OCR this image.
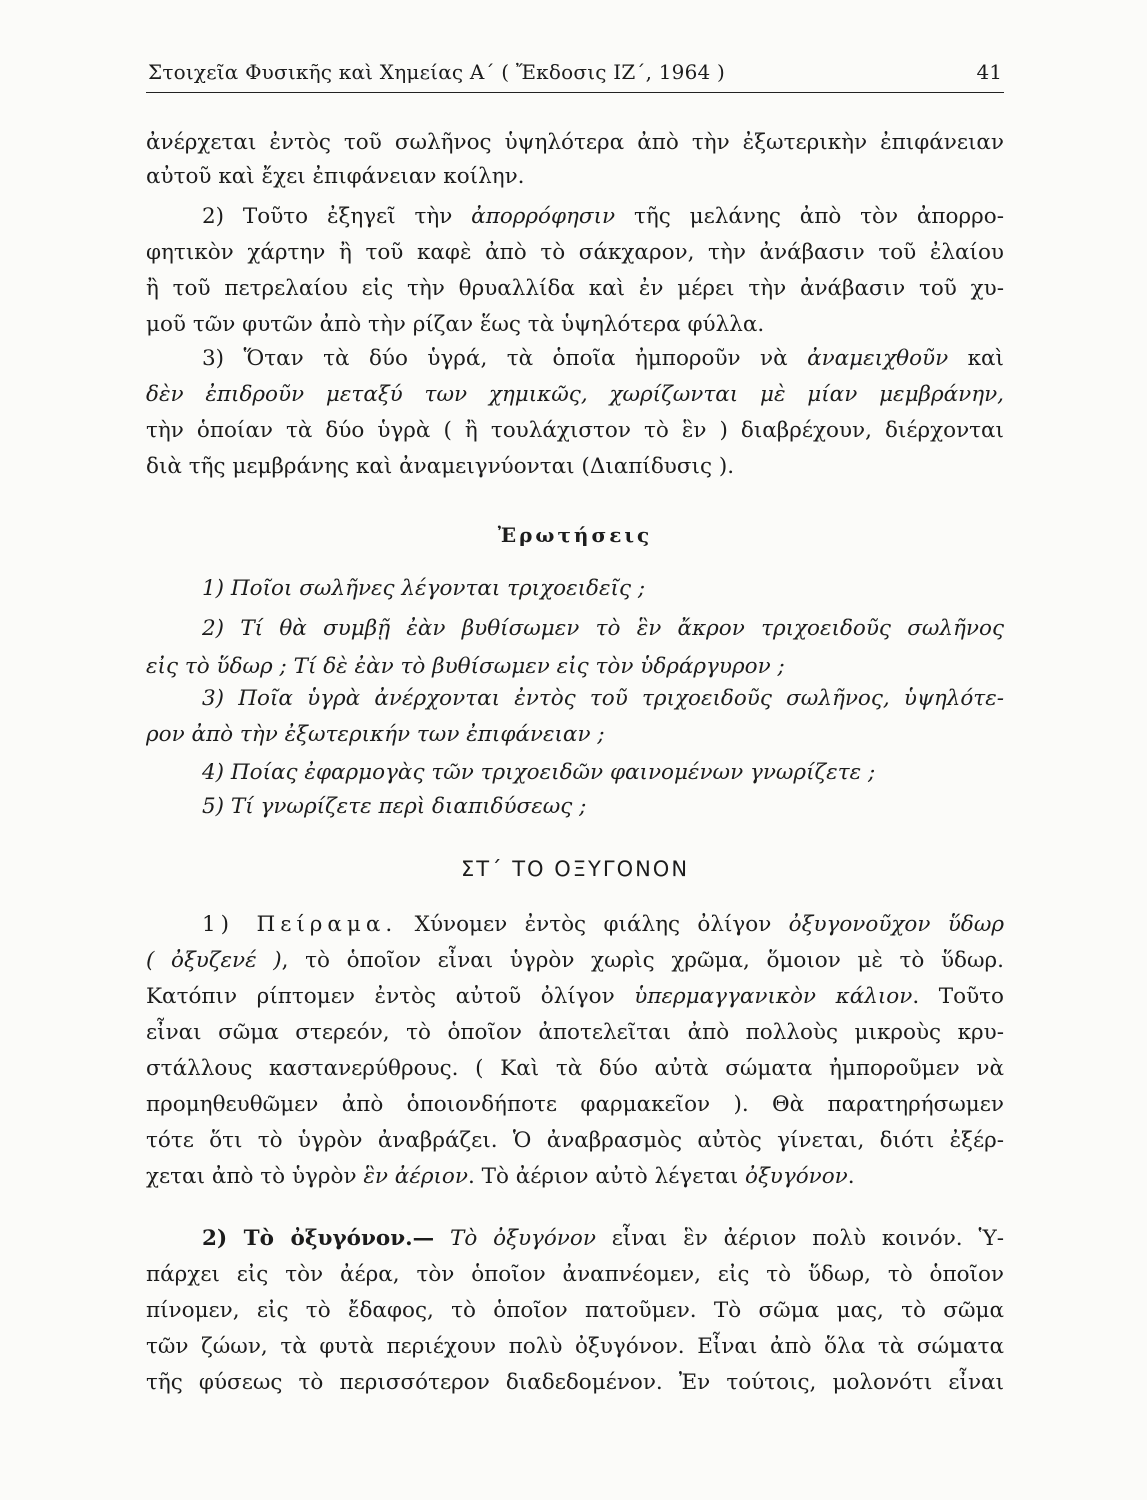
Στοιχεῖα Φυσικῆς καὶ Χημείας Α΄ ( Ἔκδοσις ΙΖ΄, 1964 )	41
ἀνέρχεται ἐντὸς τοῦ σωλῆνος ὑψηλότερα ἀπὸ τὴν ἐξωτερικὴν ἐπιφάνειαν
αὐτοῦ καὶ ἔχει ἐπιφάνειαν κοίλην.
2) Τοῦτο ἐξηγεῖ τὴν ἀπορρόφησιν τῆς μελάνης ἀπὸ τὸν ἀπορρο-
φητικὸν χάρτην ἢ τοῦ καφὲ ἀπὸ τὸ σάκχαρον, τὴν ἀνάβασιν τοῦ ἐλαίου
ἢ τοῦ πετρελαίου εἰς τὴν θρυαλλίδα καὶ ἐν μέρει τὴν ἀνάβασιν τοῦ χυ-
μοῦ τῶν φυτῶν ἀπὸ τὴν ρίζαν ἕως τὰ ὑψηλότερα φύλλα.
3) Ὅταν τὰ δύο ὑγρά, τὰ ὁποῖα ἠμποροῦν νὰ ἀναμειχθοῦν καὶ
δὲν ἐπιδροῦν μεταξύ των χημικῶς, χωρίζωνται μὲ μίαν μεμβράνην,
τὴν ὁποίαν τὰ δύο ὑγρὰ ( ἢ τουλάχιστον τὸ ἓν ) διαβρέχουν, διέρχονται
διὰ τῆς μεμβράνης καὶ ἀναμειγνύονται (Διαπίδυσις ).
Ἐρωτήσεις
1) Ποῖοι σωλῆνες λέγονται τριχοειδεῖς ;
2) Τί θὰ συμβῇ ἐὰν βυθίσωμεν τὸ ἓν ἄκρον τριχοειδοῦς σωλῆνος
εἰς τὸ ὕδωρ ; Τί δὲ ἐὰν τὸ βυθίσωμεν εἰς τὸν ὑδράργυρον ;
3) Ποῖα ὑγρὰ ἀνέρχονται ἐντὸς τοῦ τριχοειδοῦς σωλῆνος, ὑψηλότε-
ρον ἀπὸ τὴν ἐξωτερικήν των ἐπιφάνειαν ;
4) Ποίας ἐφαρμογὰς τῶν τριχοειδῶν φαινομένων γνωρίζετε ;
5) Τί γνωρίζετε περὶ διαπιδύσεως ;
ΣΤ΄ ΤΟ ΟΞΥΓΟΝΟΝ
1) Πείραμα. Χύνομεν ἐντὸς φιάλης ὀλίγον ὀξυγονοῦχον ὕδωρ
( ὀξυζενέ ), τὸ ὁποῖον εἶναι ὑγρὸν χωρὶς χρῶμα, ὅμοιον μὲ τὸ ὕδωρ.
Κατόπιν ρίπτομεν ἐντὸς αὐτοῦ ὀλίγον ὑπερμαγγανικὸν κάλιον. Τοῦτο
εἶναι σῶμα στερεόν, τὸ ὁποῖον ἀποτελεῖται ἀπὸ πολλοὺς μικροὺς κρυ-
στάλλους καστανερύθρους. ( Καὶ τὰ δύο αὐτὰ σώματα ἠμποροῦμεν νὰ
προμηθευθῶμεν ἀπὸ ὁποιονδήποτε φαρμακεῖον ). Θὰ παρατηρήσωμεν
τότε ὅτι τὸ ὑγρὸν ἀναβράζει. Ὁ ἀναβρασμὸς αὐτὸς γίνεται, διότι ἐξέρ-
χεται ἀπὸ τὸ ὑγρὸν ἓν ἀέριον. Τὸ ἀέριον αὐτὸ λέγεται ὀξυγόνον.
2) Τὸ ὀξυγόνον.— Τὸ ὀξυγόνον εἶναι ἓν ἀέριον πολὺ κοινόν. Ὑ-
πάρχει εἰς τὸν ἀέρα, τὸν ὁποῖον ἀναπνέομεν, εἰς τὸ ὕδωρ, τὸ ὁποῖον
πίνομεν, εἰς τὸ ἔδαφος, τὸ ὁποῖον πατοῦμεν. Τὸ σῶμα μας, τὸ σῶμα
τῶν ζώων, τὰ φυτὰ περιέχουν πολὺ ὀξυγόνον. Εἶναι ἀπὸ ὅλα τὰ σώματα
τῆς φύσεως τὸ περισσότερον διαδεδομένον. Ἐν τούτοις, μολονότι εἶναι
